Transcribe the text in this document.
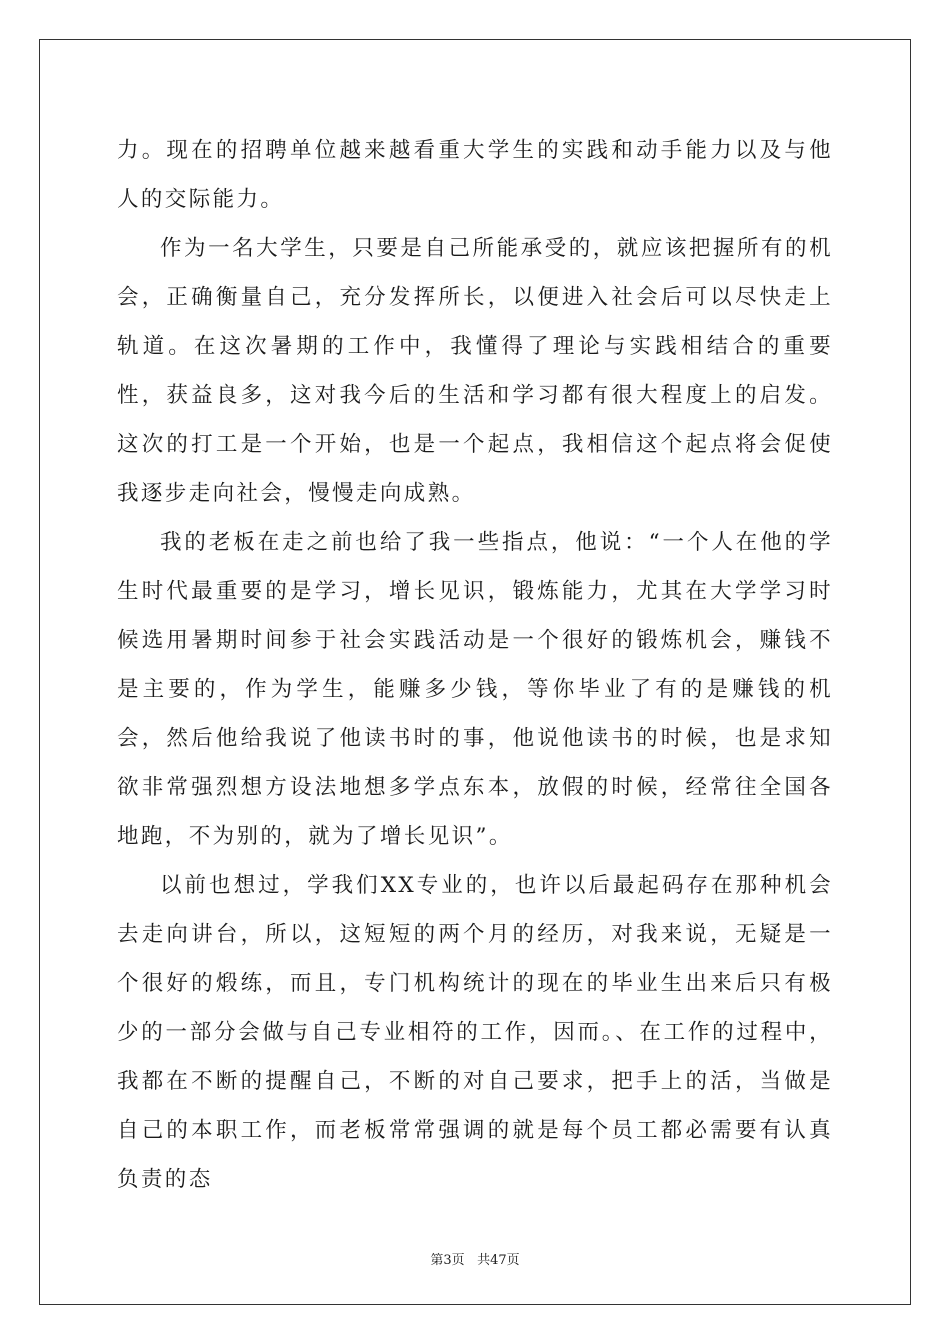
力。现在的招聘单位越来越看重大学生的实践和动手能力以及与他人的交际能力。

作为一名大学生，只要是自己所能承受的，就应该把握所有的机会，正确衡量自己，充分发挥所长，以便进入社会后可以尽快走上轨道。在这次暑期的工作中，我懂得了理论与实践相结合的重要性，获益良多，这对我今后的生活和学习都有很大程度上的启发。这次的打工是一个开始，也是一个起点，我相信这个起点将会促使我逐步走向社会，慢慢走向成熟。

我的老板在走之前也给了我一些指点，他说：“一个人在他的学生时代最重要的是学习，增长见识，锻炼能力，尤其在大学学习时候选用暑期时间参于社会实践活动是一个很好的锻炼机会，赚钱不是主要的，作为学生，能赚多少钱，等你毕业了有的是赚钱的机会，然后他给我说了他读书时的事，他说他读书的时候，也是求知欲非常强烈想方设法地想多学点东本，放假的时候，经常往全国各地跑，不为别的，就为了增长见识”。

以前也想过，学我们XX专业的，也许以后最起码存在那种机会去走向讲台，所以，这短短的两个月的经历，对我来说，无疑是一个很好的煅练，而且，专门机构统计的现在的毕业生出来后只有极少的一部分会做与自己专业相符的工作，因而。、在工作的过程中，我都在不断的提醒自己，不断的对自己要求，把手上的活，当做是自己的本职工作，而老板常常强调的就是每个员工都必需要有认真负责的态

第3页 共47页
